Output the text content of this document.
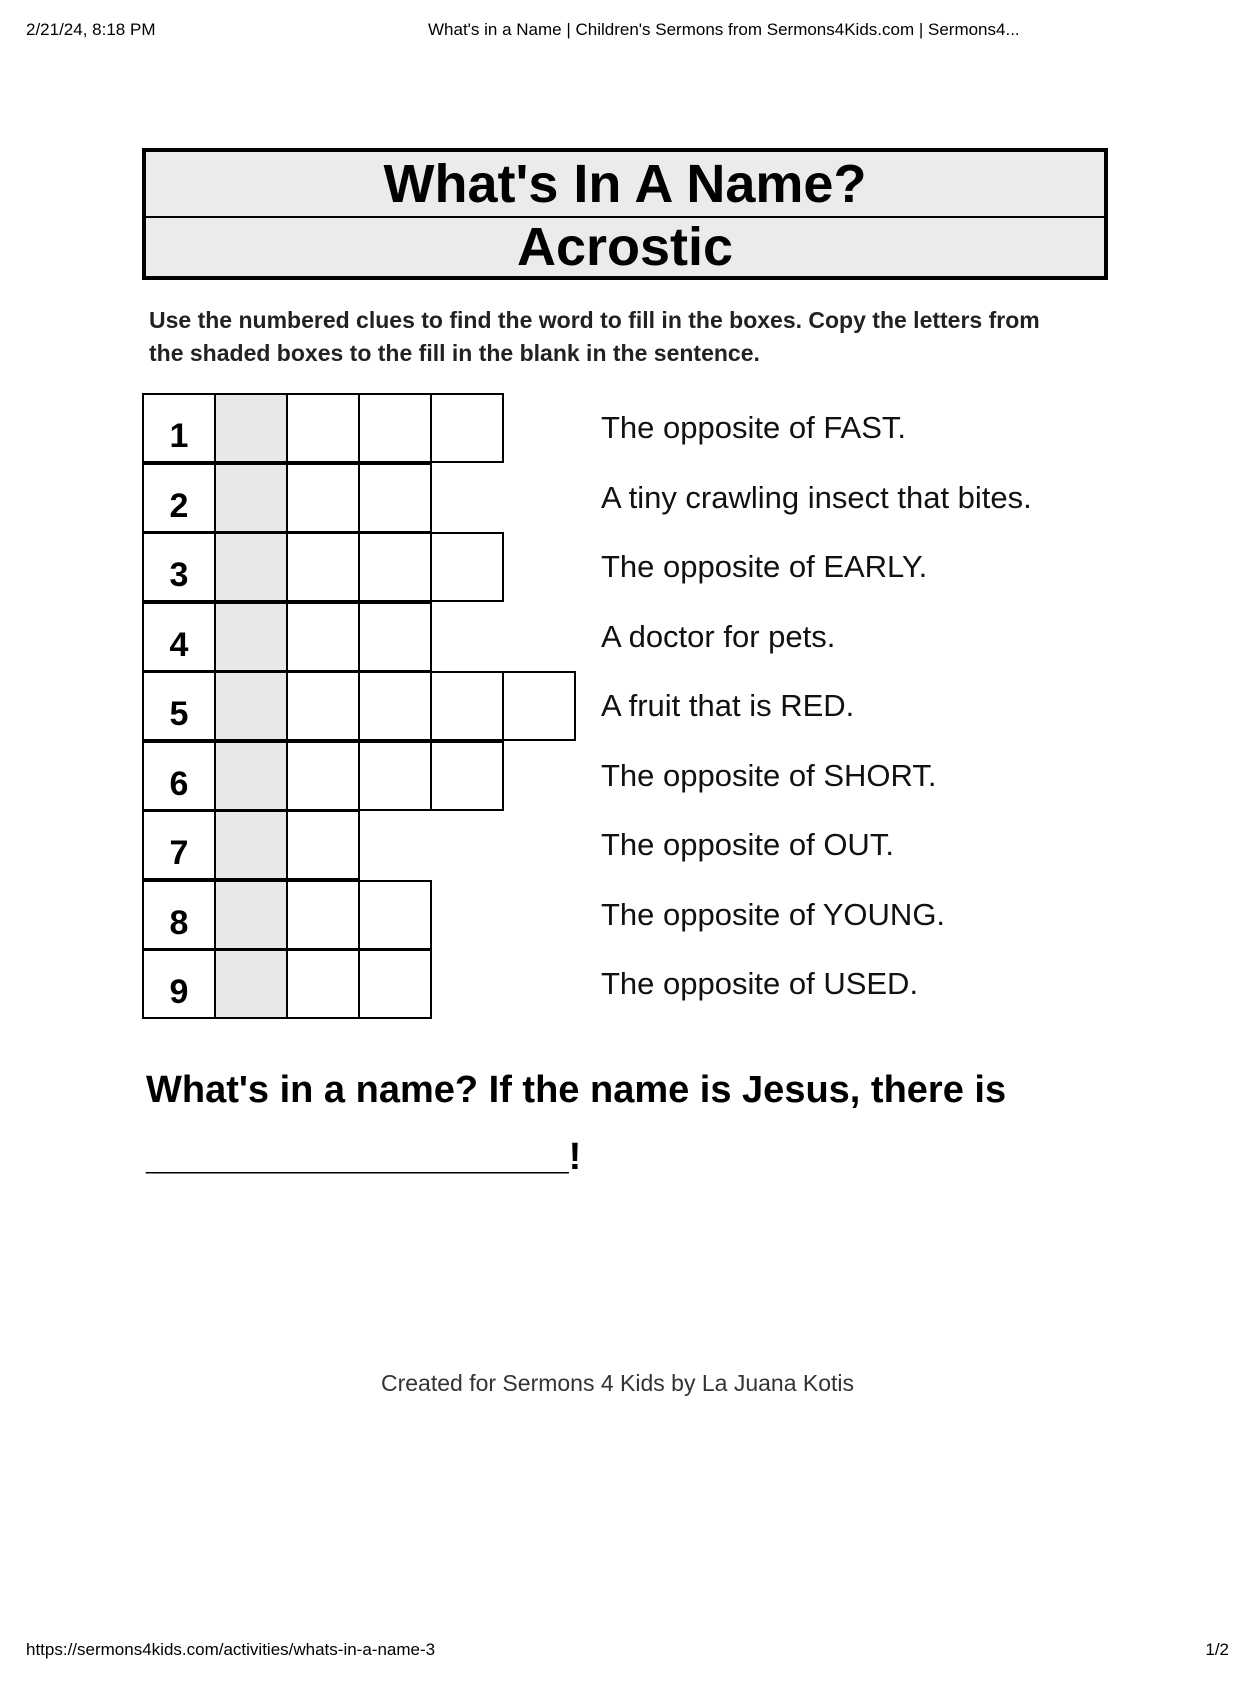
2/21/24, 8:18 PM	What's in a Name | Children's Sermons from Sermons4Kids.com | Sermons4...
What's In A Name?
Acrostic
Use the numbered clues to find the word to fill in the boxes. Copy the letters from the shaded boxes to the fill in the blank in the sentence.
1
2
3
4
5
6
7
8
9
The opposite of FAST.
A tiny crawling insect that bites.
The opposite of EARLY.
A doctor for pets.
A fruit that is RED.
The opposite of SHORT.
The opposite of OUT.
The opposite of YOUNG.
The opposite of USED.
What's in a name? If the name is Jesus, there is
____________________!
Created for Sermons 4 Kids by La Juana Kotis
https://sermons4kids.com/activities/whats-in-a-name-3	1/2
